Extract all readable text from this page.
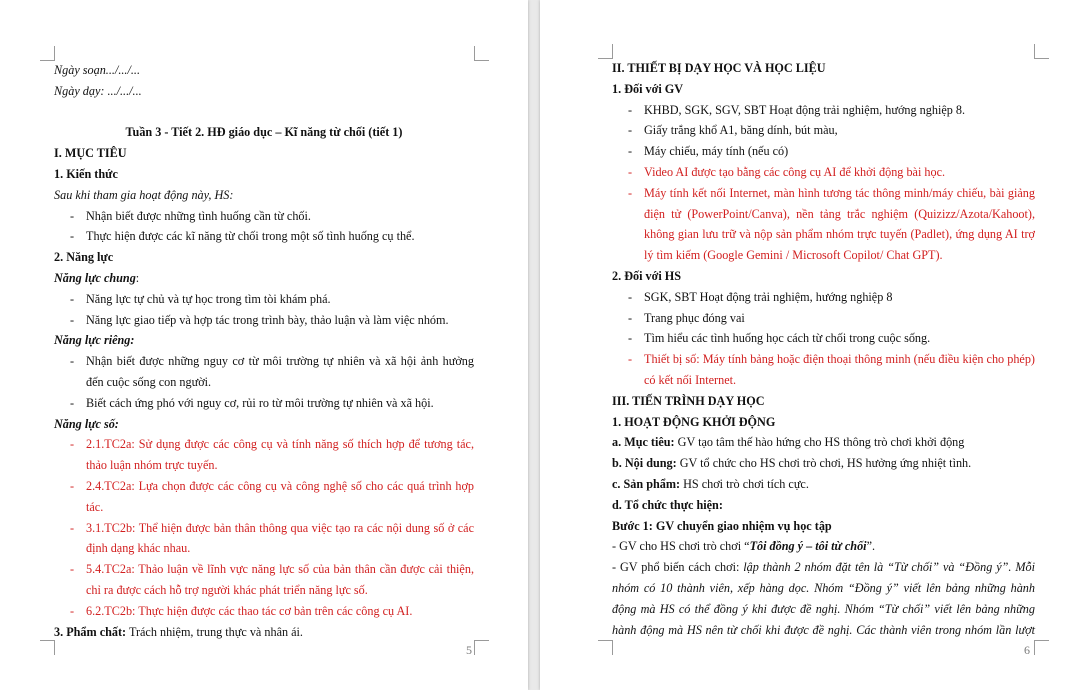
5
Ngày soạn.../.../...
Ngày dạy: .../.../...
Tuần 3 - Tiết 2. HĐ giáo dục – Kĩ năng từ chối (tiết 1)
I. MỤC TIÊU
1. Kiến thức
Sau khi tham gia hoạt động này, HS:
- Nhận biết được những tình huống cần từ chối.
- Thực hiện được các kĩ năng từ chối trong một số tình huống cụ thể.
2. Năng lực
Năng lực chung:
- Năng lực tự chủ và tự học trong tìm tòi khám phá.
- Năng lực giao tiếp và hợp tác trong trình bày, thảo luận và làm việc nhóm.
Năng lực riêng:
- Nhận biết được những nguy cơ từ môi trường tự nhiên và xã hội ảnh hưởng đến cuộc sống con người.
- Biết cách ứng phó với nguy cơ, rủi ro từ môi trường tự nhiên và xã hội.
Năng lực số:
- 2.1.TC2a: Sử dụng được các công cụ và tính năng số thích hợp để tương tác, thảo luận nhóm trực tuyến.
- 2.4.TC2a: Lựa chọn được các công cụ và công nghệ số cho các quá trình hợp tác.
- 3.1.TC2b: Thể hiện được bản thân thông qua việc tạo ra các nội dung số ở các định dạng khác nhau.
- 5.4.TC2a: Thảo luận về lĩnh vực năng lực số của bản thân cần được cải thiện, chỉ ra được cách hỗ trợ người khác phát triển năng lực số.
- 6.2.TC2b: Thực hiện được các thao tác cơ bản trên các công cụ AI.
3. Phẩm chất: Trách nhiệm, trung thực và nhân ái.
6
II. THIẾT BỊ DẠY HỌC VÀ HỌC LIỆU
1. Đối với GV
- KHBD, SGK, SGV, SBT Hoạt động trải nghiệm, hướng nghiệp 8.
- Giấy trắng khổ A1, băng dính, bút màu,
- Máy chiếu, máy tính (nếu có)
- Video AI được tạo bằng các công cụ AI để khởi động bài học.
- Máy tính kết nối Internet, màn hình tương tác thông minh/máy chiếu, bài giảng điện tử (PowerPoint/Canva), nền tảng trắc nghiệm (Quizizz/Azota/Kahoot), không gian lưu trữ và nộp sản phẩm nhóm trực tuyến (Padlet), ứng dụng AI trợ lý tìm kiếm (Google Gemini / Microsoft Copilot/ Chat GPT).
2. Đối với HS
- SGK, SBT Hoạt động trải nghiệm, hướng nghiệp 8
- Trang phục đóng vai
- Tìm hiểu các tình huống học cách từ chối trong cuộc sống.
- Thiết bị số: Máy tính bảng hoặc điện thoại thông minh (nếu điều kiện cho phép) có kết nối Internet.
III. TIẾN TRÌNH DẠY HỌC
1. HOẠT ĐỘNG KHỞI ĐỘNG
a. Mục tiêu: GV tạo tâm thế hào hứng cho HS thông trò chơi khởi động
b. Nội dung: GV tổ chức cho HS chơi trò chơi, HS hưởng ứng nhiệt tình.
c. Sản phẩm: HS chơi trò chơi tích cực.
d. Tổ chức thực hiện:
Bước 1: GV chuyển giao nhiệm vụ học tập
- GV cho HS chơi trò chơi “Tôi đồng ý – tôi từ chối”.
- GV phổ biến cách chơi: lập thành 2 nhóm đặt tên là “Từ chối” và “Đồng ý”. Mỗi
nhóm có 10 thành viên, xếp hàng dọc. Nhóm “Đồng ý” viết lên bảng những hành
động mà HS có thể đồng ý khi được đề nghị. Nhóm “Từ chối” viết lên bảng những
hành động mà HS nên từ chối khi được đề nghị. Các thành viên trong nhóm lần lượt
